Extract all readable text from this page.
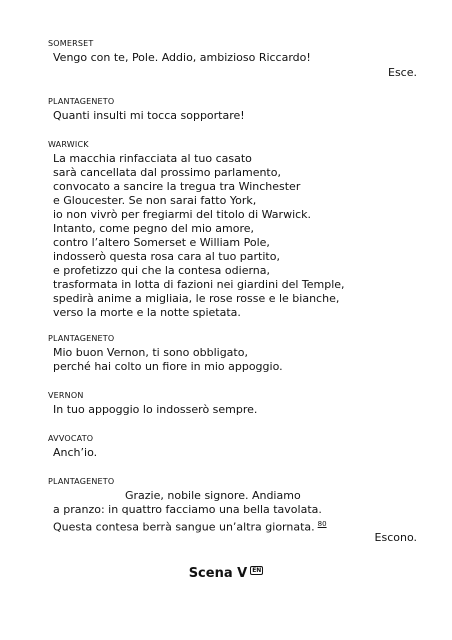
SOMERSET
Vengo con te, Pole. Addio, ambizioso Riccardo!
Esce.
PLANTAGENETO
Quanti insulti mi tocca sopportare!
WARWICK
La macchia rinfacciata al tuo casato
sarà cancellata dal prossimo parlamento,
convocato a sancire la tregua tra Winchester
e Gloucester. Se non sarai fatto York,
io non vivrò per fregiarmi del titolo di Warwick.
Intanto, come pegno del mio amore,
contro l’altero Somerset e William Pole,
indosserò questa rosa cara al tuo partito,
e profetizzo qui che la contesa odierna,
trasformata in lotta di fazioni nei giardini del Temple,
spedirà anime a migliaia, le rose rosse e le bianche,
verso la morte e la notte spietata.
PLANTAGENETO
Mio buon Vernon, ti sono obbligato,
perché hai colto un fiore in mio appoggio.
VERNON
In tuo appoggio lo indosserò sempre.
AVVOCATO
Anch’io.
PLANTAGENETO
Grazie, nobile signore. Andiamo
a pranzo: in quattro facciamo una bella tavolata.
Questa contesa berrà sangue un’altra giornata. $^{80}$
Escono.
Scena V EN
